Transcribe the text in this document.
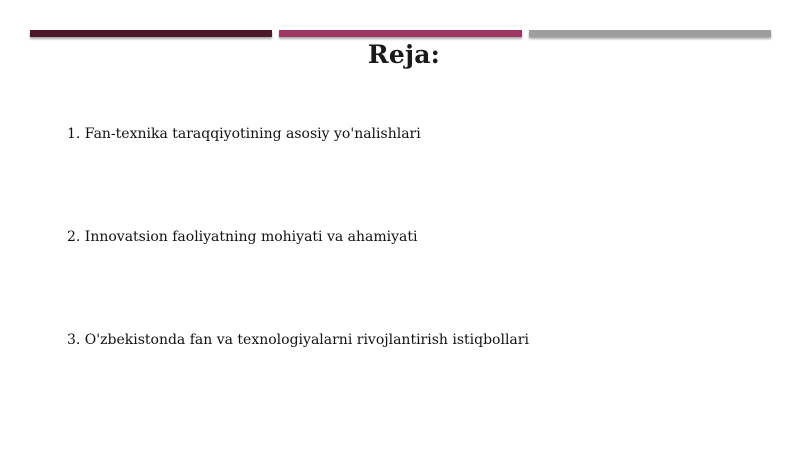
Reja:
1. Fan-texnika taraqqiyotining asosiy yo'nalishlari
2. Innovatsion faoliyatning mohiyati va ahamiyati
3. O'zbekistonda fan va texnologiyalarni rivojlantirish istiqbollari
